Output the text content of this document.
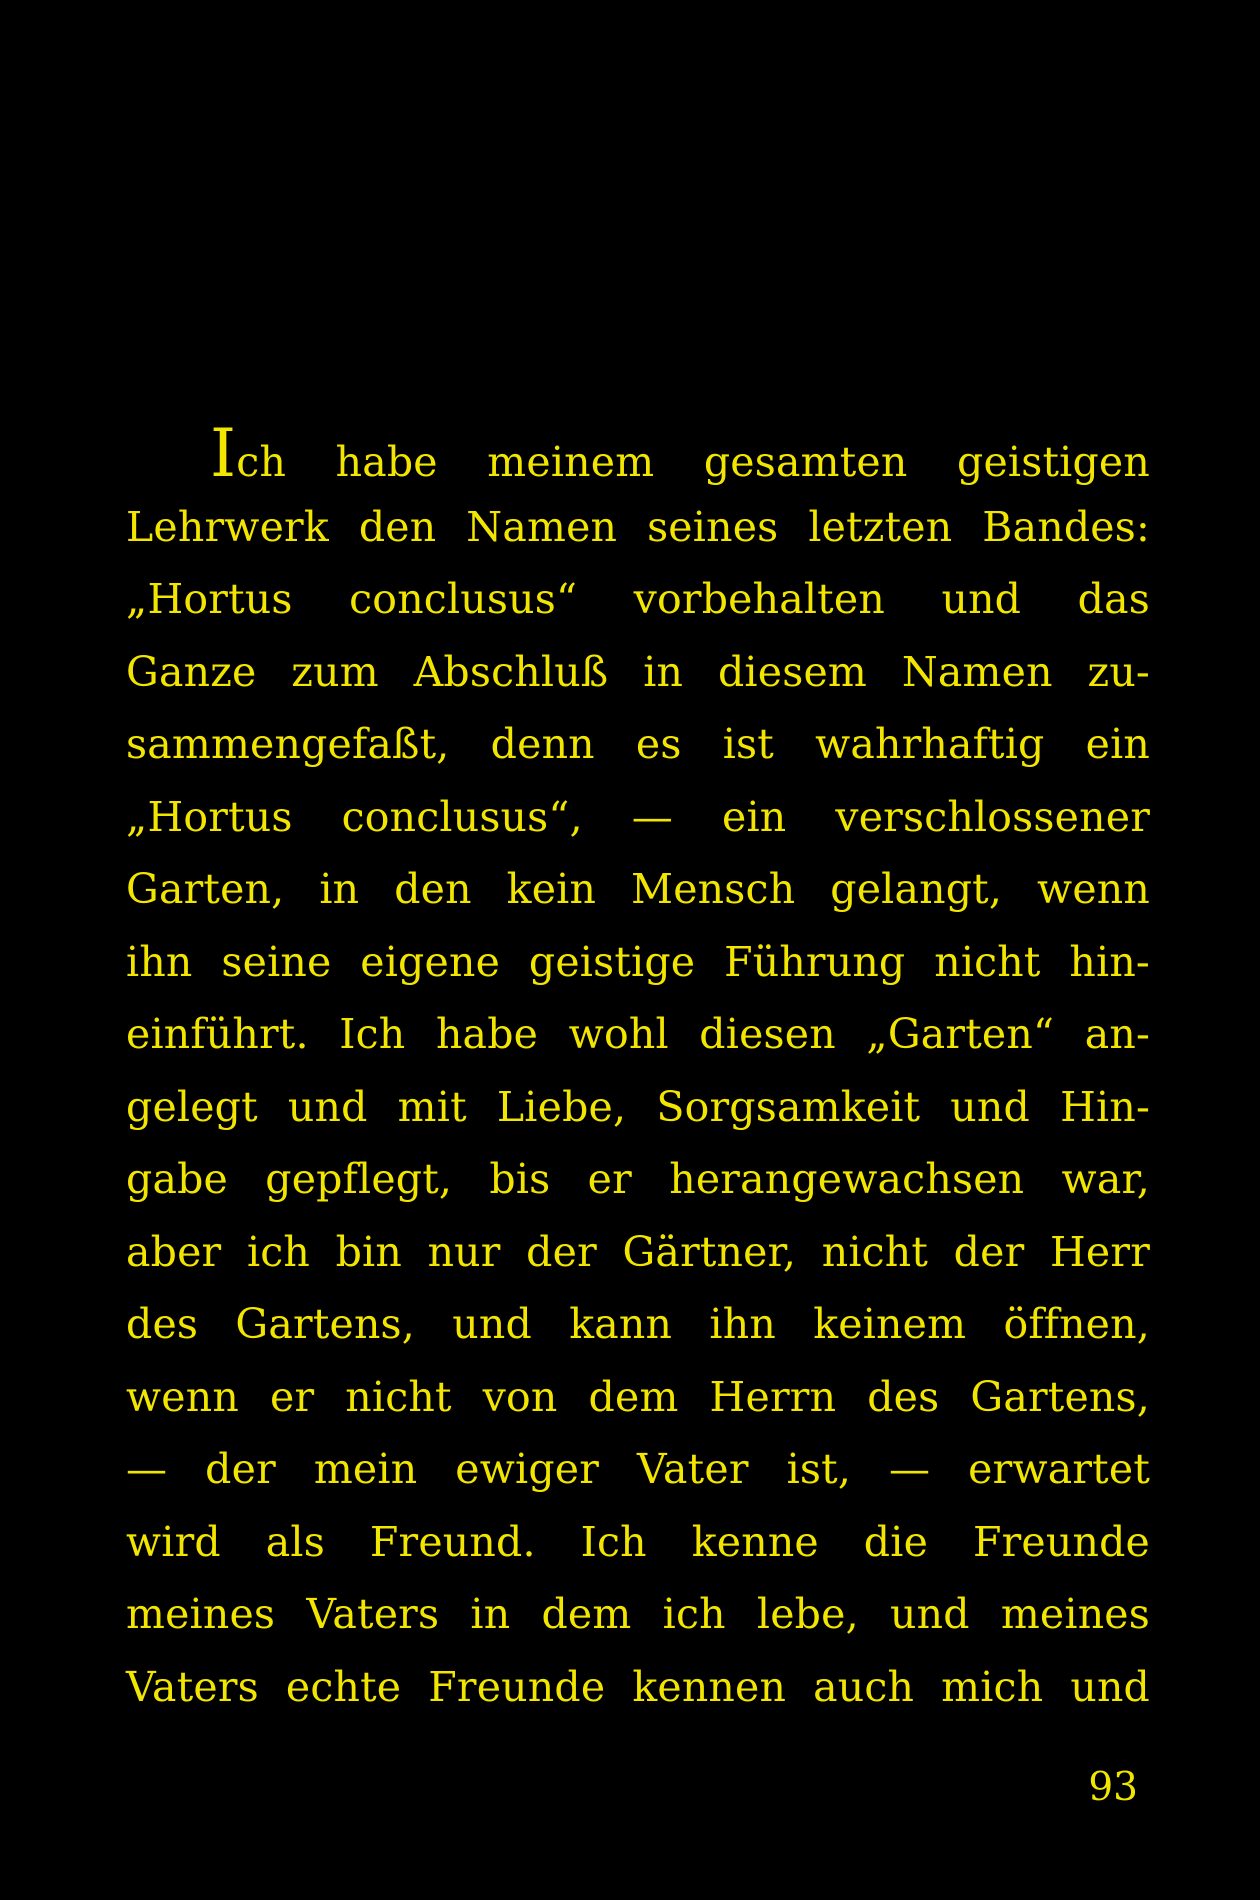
Ich habe meinem gesamten geistigen
Lehrwerk den Namen seines letzten Bandes:
„Hortus conclusus“ vorbehalten und das
Ganze zum Abschluß in diesem Namen zu-
sammengefaßt, denn es ist wahrhaftig ein
„Hortus conclusus“, — ein verschlossener
Garten, in den kein Mensch gelangt, wenn
ihn seine eigene geistige Führung nicht hin-
einführt. Ich habe wohl diesen „Garten“ an-
gelegt und mit Liebe, Sorgsamkeit und Hin-
gabe gepflegt, bis er herangewachsen war,
aber ich bin nur der Gärtner, nicht der Herr
des Gartens, und kann ihn keinem öffnen,
wenn er nicht von dem Herrn des Gartens,
— der mein ewiger Vater ist, — erwartet
wird als Freund. Ich kenne die Freunde
meines Vaters in dem ich lebe, und meines
Vaters echte Freunde kennen auch mich und
93
